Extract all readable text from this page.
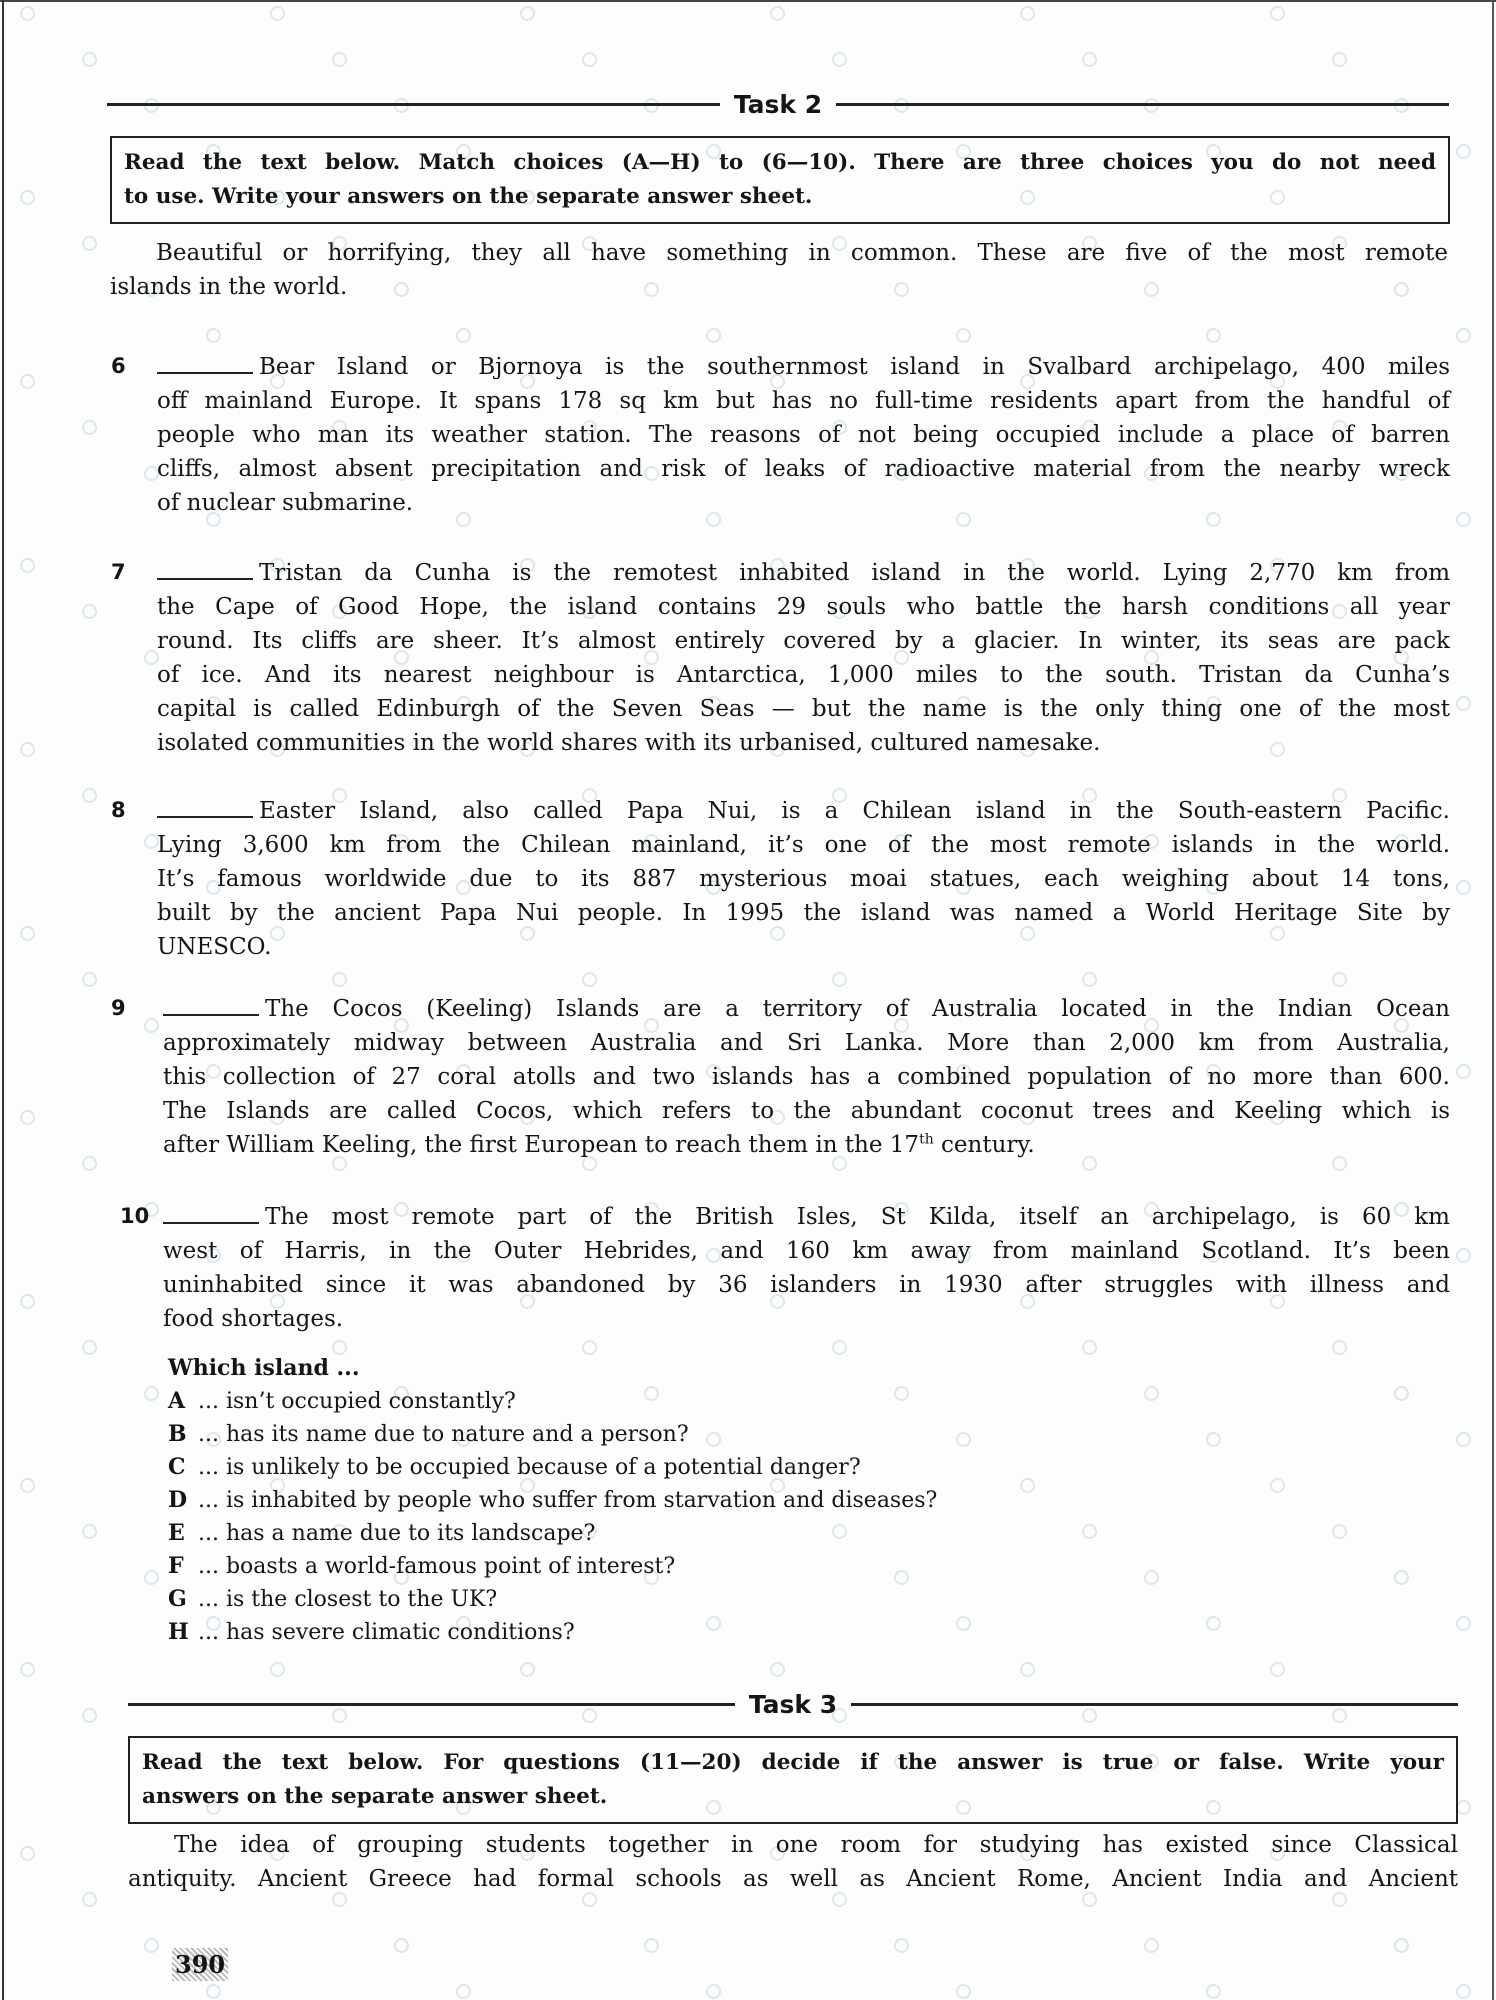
Task 2
Read the text below. Match choices (A—H) to (6—10). There are three choices you do not need
to use. Write your answers on the separate answer sheet.
Beautiful or horrifying, they all have something in common. These are five of the most remote
islands in the world.
6	Bear Island or Bjornoya is the southernmost island in Svalbard archipelago, 400 miles
off mainland Europe. It spans 178 sq km but has no full-time residents apart from the handful of
people who man its weather station. The reasons of not being occupied include a place of barren
cliffs, almost absent precipitation and risk of leaks of radioactive material from the nearby wreck
of nuclear submarine.
7	Tristan da Cunha is the remotest inhabited island in the world. Lying 2,770 km from
the Cape of Good Hope, the island contains 29 souls who battle the harsh conditions all year
round. Its cliffs are sheer. It’s almost entirely covered by a glacier. In winter, its seas are pack
of ice. And its nearest neighbour is Antarctica, 1,000 miles to the south. Tristan da Cunha’s
capital is called Edinburgh of the Seven Seas — but the name is the only thing one of the most
isolated communities in the world shares with its urbanised, cultured namesake.
8	Easter Island, also called Papa Nui, is a Chilean island in the South-eastern Pacific.
Lying 3,600 km from the Chilean mainland, it’s one of the most remote islands in the world.
It’s famous worldwide due to its 887 mysterious moai statues, each weighing about 14 tons,
built by the ancient Papa Nui people. In 1995 the island was named a World Heritage Site by
UNESCO.
9	The Cocos (Keeling) Islands are a territory of Australia located in the Indian Ocean
approximately midway between Australia and Sri Lanka. More than 2,000 km from Australia,
this collection of 27 coral atolls and two islands has a combined population of no more than 600.
The Islands are called Cocos, which refers to the abundant coconut trees and Keeling which is
after William Keeling, the first European to reach them in the 17th century.
10	The most remote part of the British Isles, St Kilda, itself an archipelago, is 60 km
west of Harris, in the Outer Hebrides, and 160 km away from mainland Scotland. It’s been
uninhabited since it was abandoned by 36 islanders in 1930 after struggles with illness and
food shortages.
Which island ...
A ... isn’t occupied constantly?
B ... has its name due to nature and a person?
C ... is unlikely to be occupied because of a potential danger?
D ... is inhabited by people who suffer from starvation and diseases?
E ... has a name due to its landscape?
F ... boasts a world-famous point of interest?
G ... is the closest to the UK?
H ... has severe climatic conditions?
Task 3
Read the text below. For questions (11—20) decide if the answer is true or false. Write your
answers on the separate answer sheet.
The idea of grouping students together in one room for studying has existed since Classical
antiquity. Ancient Greece had formal schools as well as Ancient Rome, Ancient India and Ancient
390
